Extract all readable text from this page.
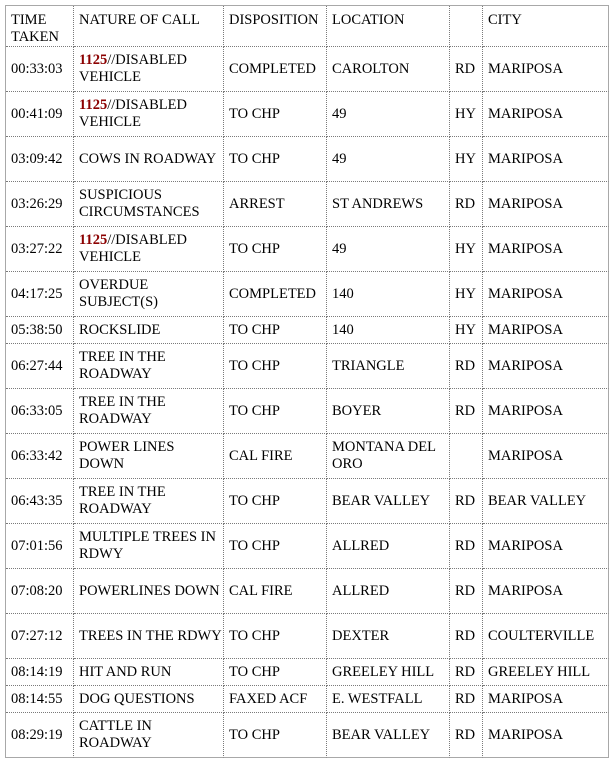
TIME
TAKEN	NATURE OF CALL	DISPOSITION	LOCATION		CITY
00:33:03	1125//DISABLED VEHICLE	COMPLETED	CAROLTON	RD	MARIPOSA
00:41:09	1125//DISABLED VEHICLE	TO CHP	49	HY	MARIPOSA
03:09:42	COWS IN ROADWAY	TO CHP	49	HY	MARIPOSA
03:26:29	SUSPICIOUS CIRCUMSTANCES	ARREST	ST ANDREWS	RD	MARIPOSA
03:27:22	1125//DISABLED VEHICLE	TO CHP	49	HY	MARIPOSA
04:17:25	OVERDUE SUBJECT(S)	COMPLETED	140	HY	MARIPOSA
05:38:50	ROCKSLIDE	TO CHP	140	HY	MARIPOSA
06:27:44	TREE IN THE ROADWAY	TO CHP	TRIANGLE	RD	MARIPOSA
06:33:05	TREE IN THE ROADWAY	TO CHP	BOYER	RD	MARIPOSA
06:33:42	POWER LINES DOWN	CAL FIRE	MONTANA DEL ORO		MARIPOSA
06:43:35	TREE IN THE ROADWAY	TO CHP	BEAR VALLEY	RD	BEAR VALLEY
07:01:56	MULTIPLE TREES IN RDWY	TO CHP	ALLRED	RD	MARIPOSA
07:08:20	POWERLINES DOWN	CAL FIRE	ALLRED	RD	MARIPOSA
07:27:12	TREES IN THE RDWY	TO CHP	DEXTER	RD	COULTERVILLE
08:14:19	HIT AND RUN	TO CHP	GREELEY HILL	RD	GREELEY HILL
08:14:55	DOG QUESTIONS	FAXED ACF	E. WESTFALL	RD	MARIPOSA
08:29:19	CATTLE IN ROADWAY	TO CHP	BEAR VALLEY	RD	MARIPOSA
